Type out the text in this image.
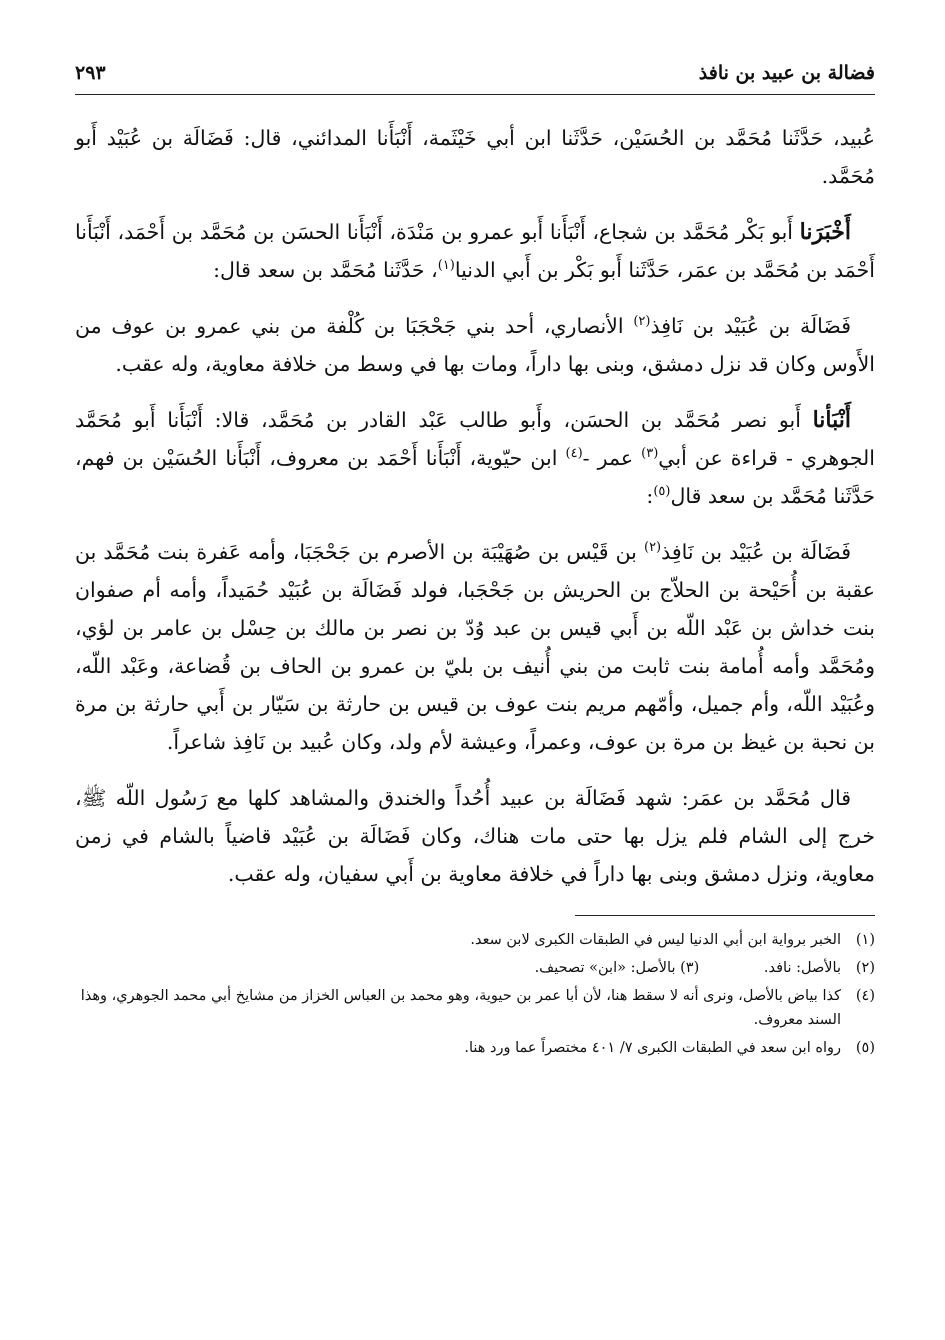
فضالة بن عبيد بن نافذ
٢٩٣

عُبيد، حَدَّثَنا مُحَمَّد بن الحُسَيْن، حَدَّثَنا ابن أبي خَيْثَمة، أَنْبَأَنا المدائني، قال: فَضَالَة بن عُبَيْد أَبو مُحَمَّد.

أَخْبَرَنا أَبو بَكْر مُحَمَّد بن شجاع، أَنْبَأَنا أَبو عمرو بن مَنْدَة، أَنْبَأَنا الحسَن بن مُحَمَّد بن أَحْمَد، أَنْبَأَنا أَحْمَد بن مُحَمَّد بن عمَر، حَدَّثَنا أَبو بَكْر بن أَبي الدنيا$^{(١)}$، حَدَّثَنا مُحَمَّد بن سعد قال:

فَضَالَة بن عُبَيْد بن نَافِذ$^{(٢)}$ الأنصاري، أحد بني جَحْجَبَا بن كُلْفة من بني عمرو بن عوف من الأَوس وكان قد نزل دمشق، وبنى بها داراً، ومات بها في وسط من خلافة معاوية، وله عقب.

أَنْبَأنا أَبو نصر مُحَمَّد بن الحسَن، وأَبو طالب عَبْد القادر بن مُحَمَّد، قالا: أَنْبَأَنا أَبو مُحَمَّد الجوهري - قراءة عن أبي$^{(٣)}$ عمر -$^{(٤)}$ ابن حيّوية، أَنْبَأَنا أَحْمَد بن معروف، أَنْبَأَنا الحُسَيْن بن فهم، حَدَّثَنا مُحَمَّد بن سعد قال$^{(٥)}$:

فَضَالَة بن عُبَيْد بن نَافِذ$^{(٢)}$ بن قَيْس بن صُهَيْبَة بن الأصرم بن جَحْجَبَا، وأمه عَفرة بنت مُحَمَّد بن عقبة بن أُحَيْحة بن الحلاّج بن الحريش بن جَحْجَبا، فولد فَضَالَة بن عُبَيْد حُمَيداً، وأمه أم صفوان بنت خداش بن عَبْد اللّه بن أَبي قيس بن عبد وُدّ بن نصر بن مالك بن حِسْل بن عامر بن لؤي، ومُحَمَّد وأمه أُمامة بنت ثابت من بني أُنيف بن بليّ بن عمرو بن الحاف بن قُضاعة، وعَبْد اللّه، وعُبَيْد اللّه، وأم جميل، وأمّهم مريم بنت عوف بن قيس بن حارثة بن سَيّار بن أَبي حارثة بن مرة بن نحبة بن غيظ بن مرة بن عوف، وعمراً، وعيشة لأم ولد، وكان عُبيد بن نَافِذ شاعراً.

قال مُحَمَّد بن عمَر: شهد فَضَالَة بن عبيد أُحُداً والخندق والمشاهد كلها مع رَسُول اللّه ﷺ، خرج إلى الشام فلم يزل بها حتى مات هناك، وكان فَضَالَة بن عُبَيْد قاضياً بالشام في زمن معاوية، ونزل دمشق وبنى بها داراً في خلافة معاوية بن أَبي سفيان، وله عقب.

(١)
الخبر برواية ابن أبي الدنيا ليس في الطبقات الكبرى لابن سعد.
(٢)
بالأصل: نافد. (٣) بالأصل: «ابن» تصحيف.
(٤)
كذا بياض بالأصل، ونرى أنه لا سقط هنا، لأن أبا عمر بن حيوية، وهو محمد بن العباس الخزاز من مشايخ أبي محمد الجوهري، وهذا السند معروف.
(٥)
رواه ابن سعد في الطبقات الكبرى ٧/ ٤٠١ مختصراً عما ورد هنا.
